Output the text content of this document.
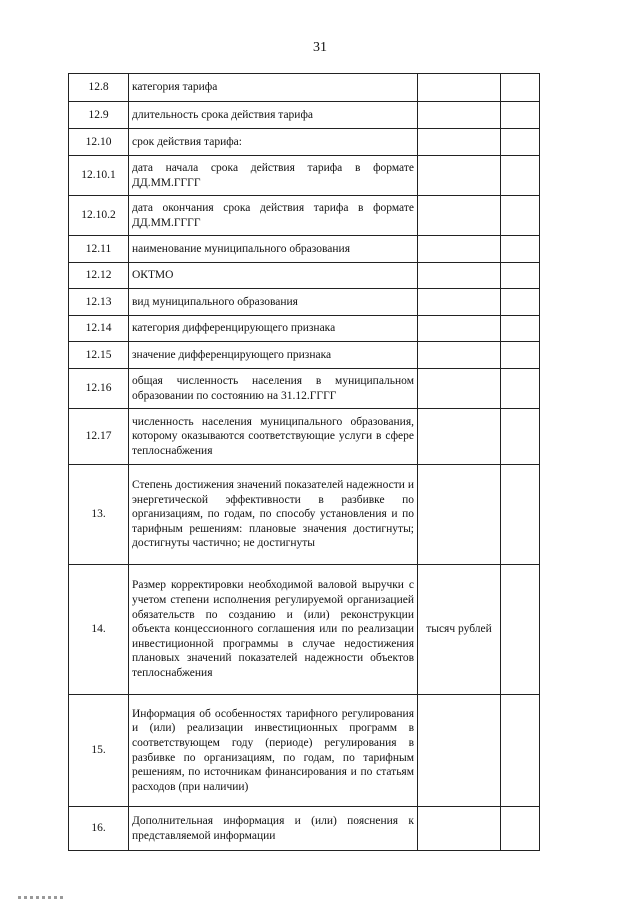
31
12.8	категория тарифа		
12.9	длительность срока действия тарифа		
12.10	срок действия тарифа:		
12.10.1	дата начала срока действия тарифа в формате ДД.ММ.ГГГГ		
12.10.2	дата окончания срока действия тарифа в формате ДД.ММ.ГГГГ		
12.11	наименование муниципального образования		
12.12	ОКТМО		
12.13	вид муниципального образования		
12.14	категория дифференцирующего признака		
12.15	значение дифференцирующего признака		
12.16	общая численность населения в муниципальном образовании по состоянию на 31.12.ГГГГ		
12.17	численность населения муниципального образования, которому оказываются соответствующие услуги в сфере теплоснабжения		
13.	Степень достижения значений показателей надежности и энергетической эффективности в разбивке по организациям, по годам, по способу установления и по тарифным решениям: плановые значения достигнуты; достигнуты частично; не достигнуты		
14.	Размер корректировки необходимой валовой выручки с учетом степени исполнения регулируемой организацией обязательств по созданию и (или) реконструкции объекта концессионного соглашения или по реализации инвестиционной программы в случае недостижения плановых значений показателей надежности объектов теплоснабжения	тысяч рублей	
15.	Информация об особенностях тарифного регулирования и (или) реализации инвестиционных программ в соответствующем году (периоде) регулирования в разбивке по организациям, по годам, по тарифным решениям, по источникам финансирования и по статьям расходов (при наличии)		
16.	Дополнительная информация и (или) пояснения к представляемой информации		
